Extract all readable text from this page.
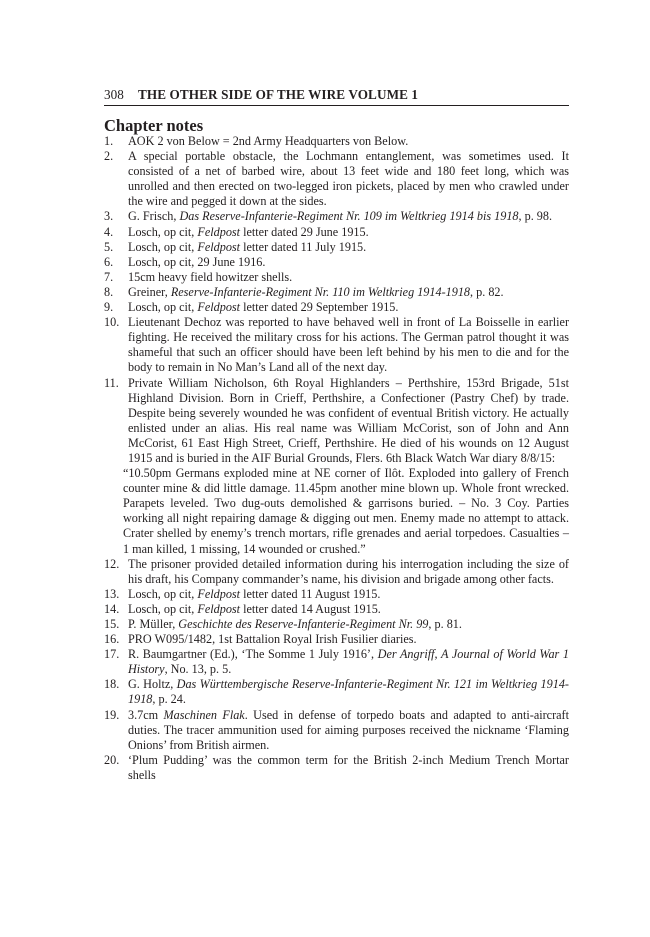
308 THE OTHER SIDE OF THE WIRE VOLUME 1
Chapter notes
1. AOK 2 von Below = 2nd Army Headquarters von Below.
2. A special portable obstacle, the Lochmann entanglement, was sometimes used. It consisted of a net of barbed wire, about 13 feet wide and 180 feet long, which was unrolled and then erected on two-legged iron pickets, placed by men who crawled under the wire and pegged it down at the sides.
3. G. Frisch, Das Reserve-Infanterie-Regiment Nr. 109 im Weltkrieg 1914 bis 1918, p. 98.
4. Losch, op cit, Feldpost letter dated 29 June 1915.
5. Losch, op cit, Feldpost letter dated 11 July 1915.
6. Losch, op cit, 29 June 1916.
7. 15cm heavy field howitzer shells.
8. Greiner, Reserve-Infanterie-Regiment Nr. 110 im Weltkrieg 1914-1918, p. 82.
9. Losch, op cit, Feldpost letter dated 29 September 1915.
10. Lieutenant Dechoz was reported to have behaved well in front of La Boisselle in earlier fighting. He received the military cross for his actions. The German patrol thought it was shameful that such an officer should have been left behind by his men to die and for the body to remain in No Man’s Land all of the next day.
11. Private William Nicholson, 6th Royal Highlanders – Perthshire, 153rd Brigade, 51st Highland Division. Born in Crieff, Perthshire, a Confectioner (Pastry Chef) by trade. Despite being severely wounded he was confident of eventual British victory. He actually enlisted under an alias. His real name was William McCorist, son of John and Ann McCorist, 61 East High Street, Crieff, Perthshire. He died of his wounds on 12 August 1915 and is buried in the AIF Burial Grounds, Flers. 6th Black Watch War diary 8/8/15:
“10.50pm Germans exploded mine at NE corner of Ilôt. Exploded into gallery of French counter mine & did little damage. 11.45pm another mine blown up. Whole front wrecked. Parapets leveled. Two dug-outs demolished & garrisons buried. – No. 3 Coy. Parties working all night repairing damage & digging out men. Enemy made no attempt to attack. Crater shelled by enemy’s trench mortars, rifle grenades and aerial torpedoes. Casualties – 1 man killed, 1 missing, 14 wounded or crushed.”
12. The prisoner provided detailed information during his interrogation including the size of his draft, his Company commander’s name, his division and brigade among other facts.
13. Losch, op cit, Feldpost letter dated 11 August 1915.
14. Losch, op cit, Feldpost letter dated 14 August 1915.
15. P. Müller, Geschichte des Reserve-Infanterie-Regiment Nr. 99, p. 81.
16. PRO W095/1482, 1st Battalion Royal Irish Fusilier diaries.
17. R. Baumgartner (Ed.), ‘The Somme 1 July 1916’, Der Angriff, A Journal of World War 1 History, No. 13, p. 5.
18. G. Holtz, Das Württembergische Reserve-Infanterie-Regiment Nr. 121 im Weltkrieg 1914-1918, p. 24.
19. 3.7cm Maschinen Flak. Used in defense of torpedo boats and adapted to anti-aircraft duties. The tracer ammunition used for aiming purposes received the nickname ‘Flaming Onions’ from British airmen.
20. ‘Plum Pudding’ was the common term for the British 2-inch Medium Trench Mortar shells
